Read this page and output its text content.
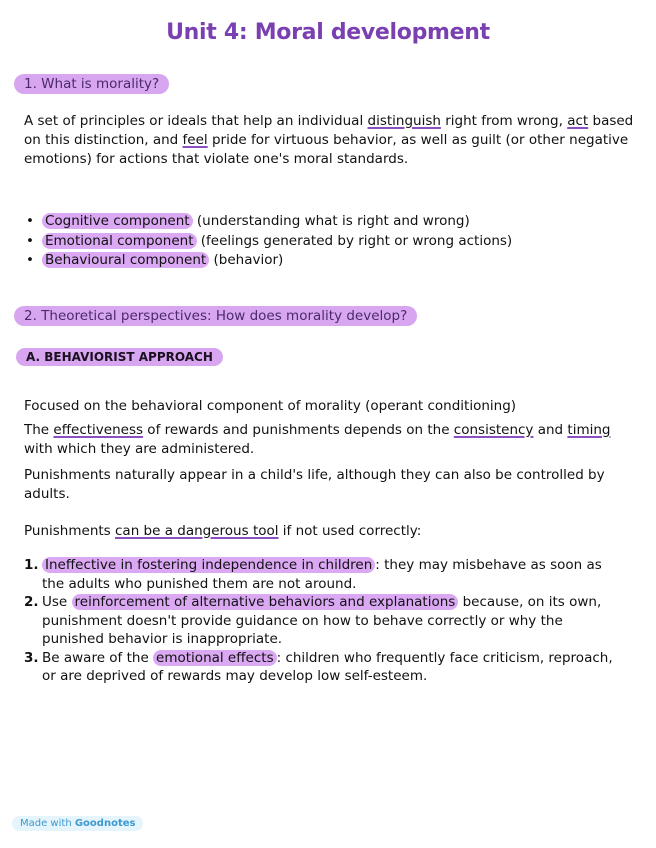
Unit 4: Moral development
1. What is morality?
A set of principles or ideals that help an individual distinguish right from wrong, act based on this distinction, and feel pride for virtuous behavior, as well as guilt (or other negative emotions) for actions that violate one's moral standards.
• Cognitive component (understanding what is right and wrong)
• Emotional component (feelings generated by right or wrong actions)
• Behavioural component (behavior)
2. Theoretical perspectives: How does morality develop?
A. BEHAVIORIST APPROACH
Focused on the behavioral component of morality (operant conditioning)
The effectiveness of rewards and punishments depends on the consistency and timing with which they are administered.
Punishments naturally appear in a child's life, although they can also be controlled by adults.
Punishments can be a dangerous tool if not used correctly:
1. Ineffective in fostering independence in children : they may misbehave as soon as the adults who punished them are not around.
2. Use reinforcement of alternative behaviors and explanations because, on its own, punishment doesn't provide guidance on how to behave correctly or why the punished behavior is inappropriate.
3. Be aware of the emotional effects : children who frequently face criticism, reproach, or are deprived of rewards may develop low self-esteem.
Made with Goodnotes
